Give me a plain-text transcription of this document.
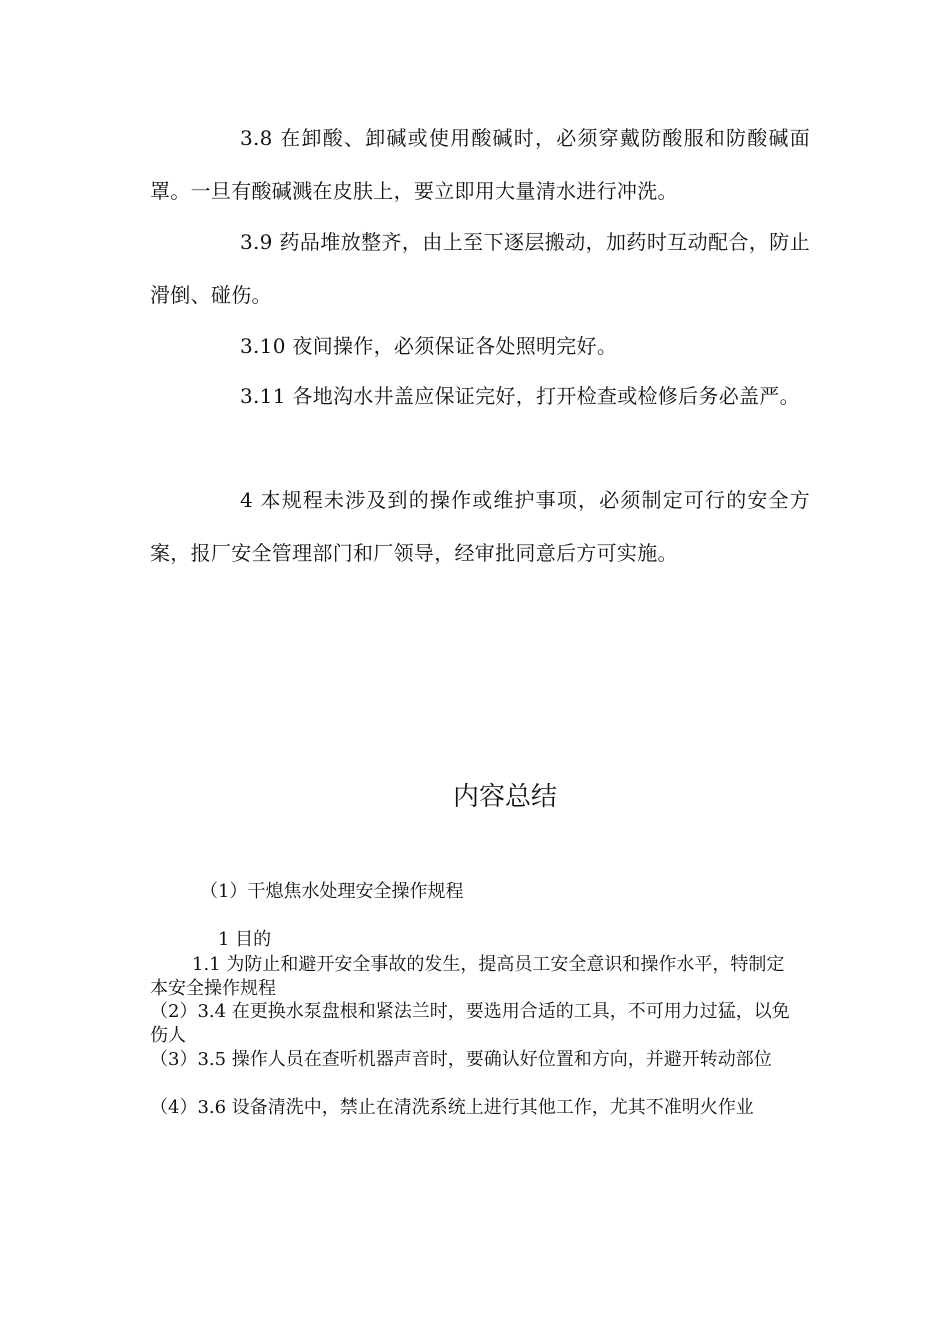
3.8 在卸酸、卸碱或使用酸碱时，必须穿戴防酸服和防酸碱面罩。一旦有酸碱溅在皮肤上，要立即用大量清水进行冲洗。

3.9 药品堆放整齐，由上至下逐层搬动，加药时互动配合，防止滑倒、碰伤。

3.10 夜间操作，必须保证各处照明完好。

3.11 各地沟水井盖应保证完好，打开检查或检修后务必盖严。

4 本规程未涉及到的操作或维护事项，必须制定可行的安全方案，报厂安全管理部门和厂领导，经审批同意后方可实施。

内容总结

（1）干熄焦水处理安全操作规程

1 目的

1.1 为防止和避开安全事故的发生，提高员工安全意识和操作水平，特制定本安全操作规程

（2）3.4 在更换水泵盘根和紧法兰时，要选用合适的工具，不可用力过猛，以免伤人

（3）3.5 操作人员在查听机器声音时，要确认好位置和方向，并避开转动部位

（4）3.6 设备清洗中，禁止在清洗系统上进行其他工作，尤其不准明火作业
